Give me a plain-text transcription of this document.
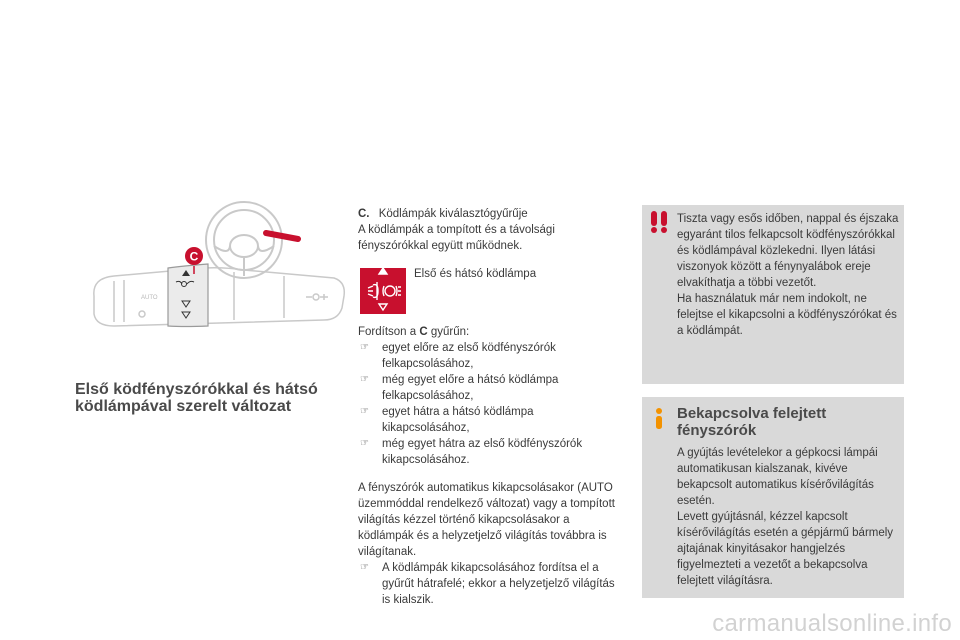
AUTO
C
Első ködfényszórókkal és hátsó ködlámpával szerelt változat

C. Ködlámpák kiválasztógyűrűje

A ködlámpák a tompított és a távolsági fényszórókkal együtt működnek.

Első és hátsó ködlámpa

Fordítson a C gyűrűn:

☞ egyet előre az első ködfényszórók felkapcsolásához,
☞ még egyet előre a hátsó ködlámpa felkapcsolásához,
☞ egyet hátra a hátsó ködlámpa kikapcsolásához,
☞ még egyet hátra az első ködfényszórók kikapcsolásához.

A fényszórók automatikus kikapcsolásakor (AUTO üzemmóddal rendelkező változat) vagy a tompított világítás kézzel történő kikapcsolásakor a ködlámpák és a helyzetjelző világítás továbbra is világítanak.

☞ A ködlámpák kikapcsolásához fordítsa el a gyűrűt hátrafelé; ekkor a helyzetjelző világítás is kialszik.
Tiszta vagy esős időben, nappal és éjszaka egyaránt tilos felkapcsolt ködfényszórókkal és ködlámpával közlekedni. Ilyen látási viszonyok között a fénynyalábok ereje elvakíthatja a többi vezetőt.
Ha használatuk már nem indokolt, ne felejtse el kikapcsolni a ködfényszórókat és a ködlámpát.
Bekapcsolva felejtett fényszórók
A gyújtás levételekor a gépkocsi lámpái automatikusan kialszanak, kivéve bekapcsolt automatikus kísérővilágítás esetén.
Levett gyújtásnál, kézzel kapcsolt kísérővilágítás esetén a gépjármű bármely ajtajának kinyitásakor hangjelzés figyelmezteti a vezetőt a bekapcsolva felejtett világításra.
carmanualsonline.info
